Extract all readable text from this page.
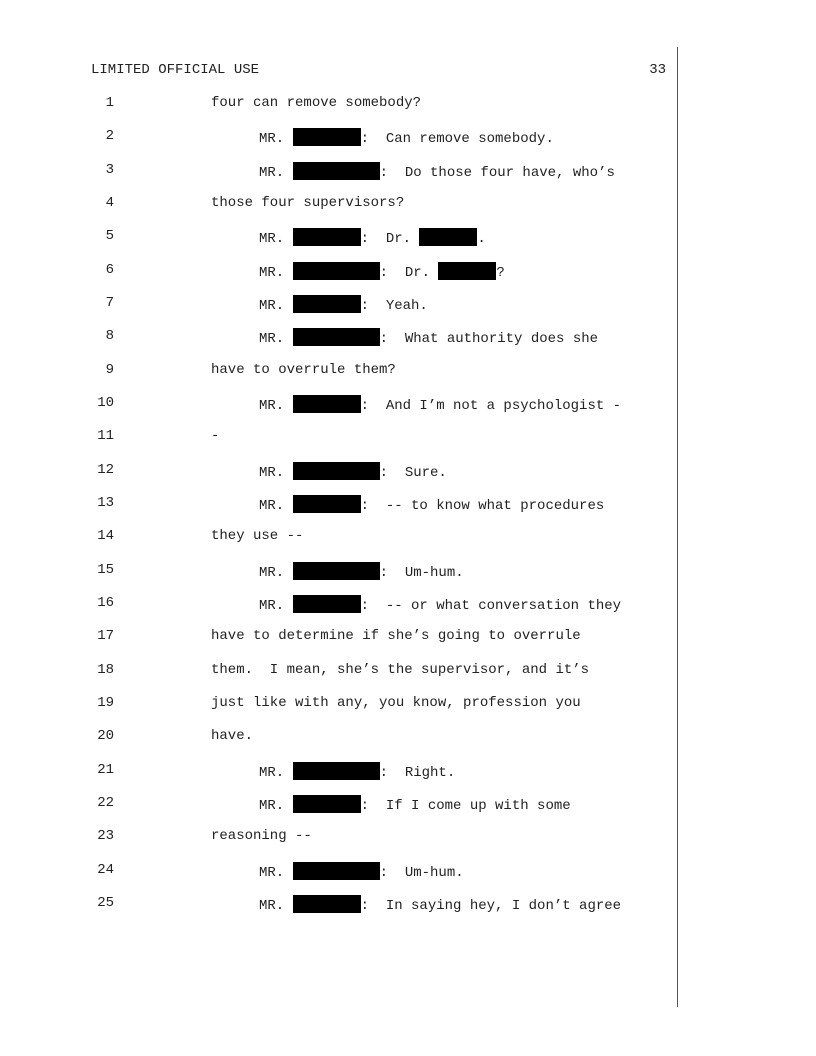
LIMITED OFFICIAL USE	33
1	four can remove somebody?
2	MR.	:  Can remove somebody.
3	MR.	:  Do those four have, who’s
4	those four supervisors?
5	MR.	:  Dr.	.
6	MR.	:  Dr.	?
7	MR.	:  Yeah.
8	MR.	:  What authority does she
9	have to overrule them?
10	MR.	:  And I’m not a psychologist -
11	-
12	MR.	:  Sure.
13	MR.	:  -- to know what procedures
14	they use --
15	MR.	:  Um-hum.
16	MR.	:  -- or what conversation they
17	have to determine if she’s going to overrule
18	them.  I mean, she’s the supervisor, and it’s
19	just like with any, you know, profession you
20	have.
21	MR.	:  Right.
22	MR.	:  If I come up with some
23	reasoning --
24	MR.	:  Um-hum.
25	MR.	:  In saying hey, I don’t agree
